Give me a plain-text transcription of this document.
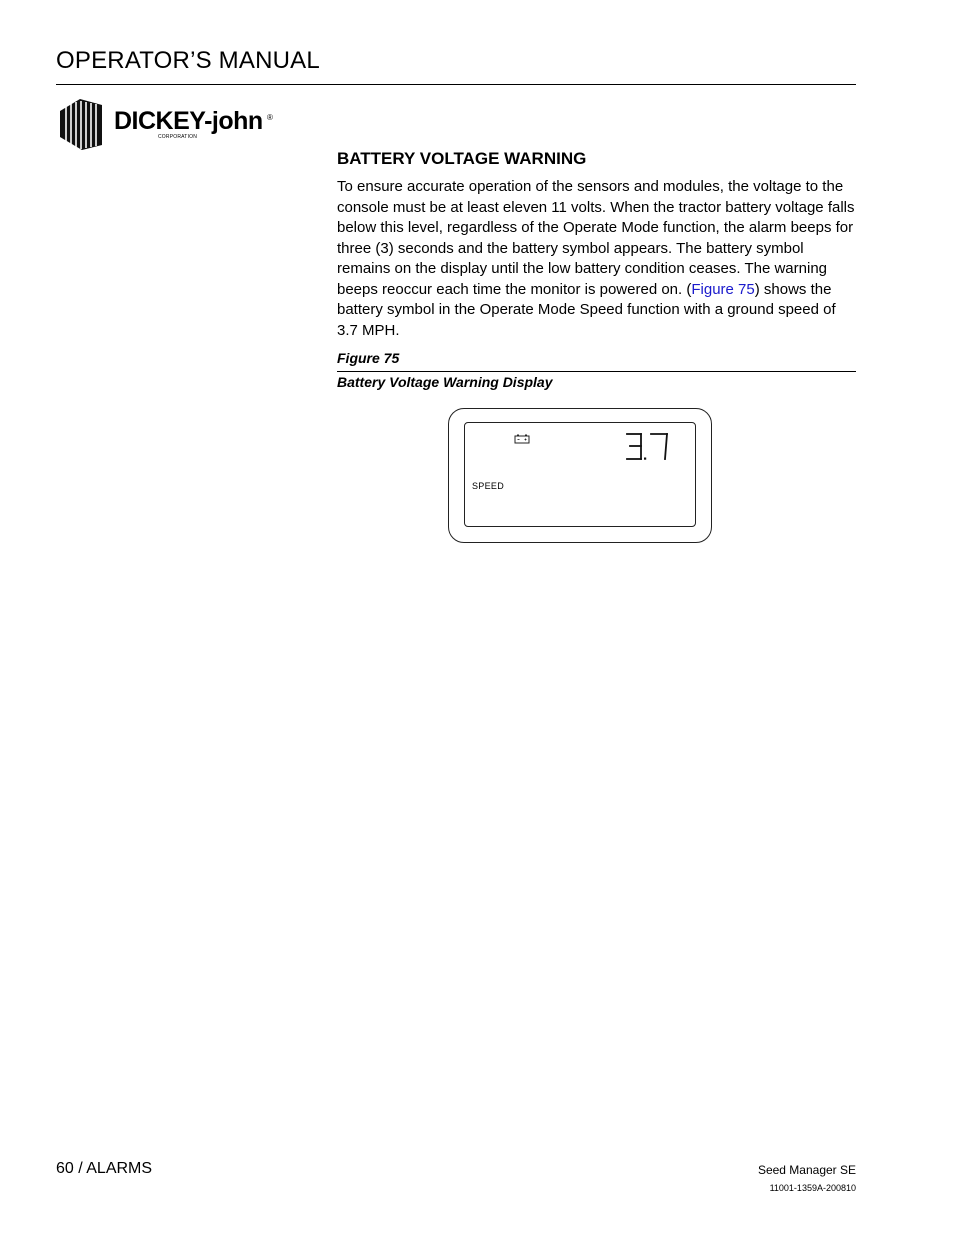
OPERATOR’S MANUAL
DICKEY-john ®
CORPORATION
BATTERY VOLTAGE WARNING
To ensure accurate operation of the sensors and modules, the voltage to the console must be at least eleven 11 volts. When the tractor battery voltage falls below this level, regardless of the Operate Mode function, the alarm beeps for three (3) seconds and the battery symbol appears. The battery symbol remains on the display until the low battery condition ceases. The warning beeps reoccur each time the monitor is powered on. (Figure 75) shows the battery symbol in the Operate Mode Speed function with a ground speed of 3.7 MPH.
Figure 75
Battery Voltage Warning Display
SPEED
60 / ALARMS	Seed Manager SE
11001-1359A-200810
